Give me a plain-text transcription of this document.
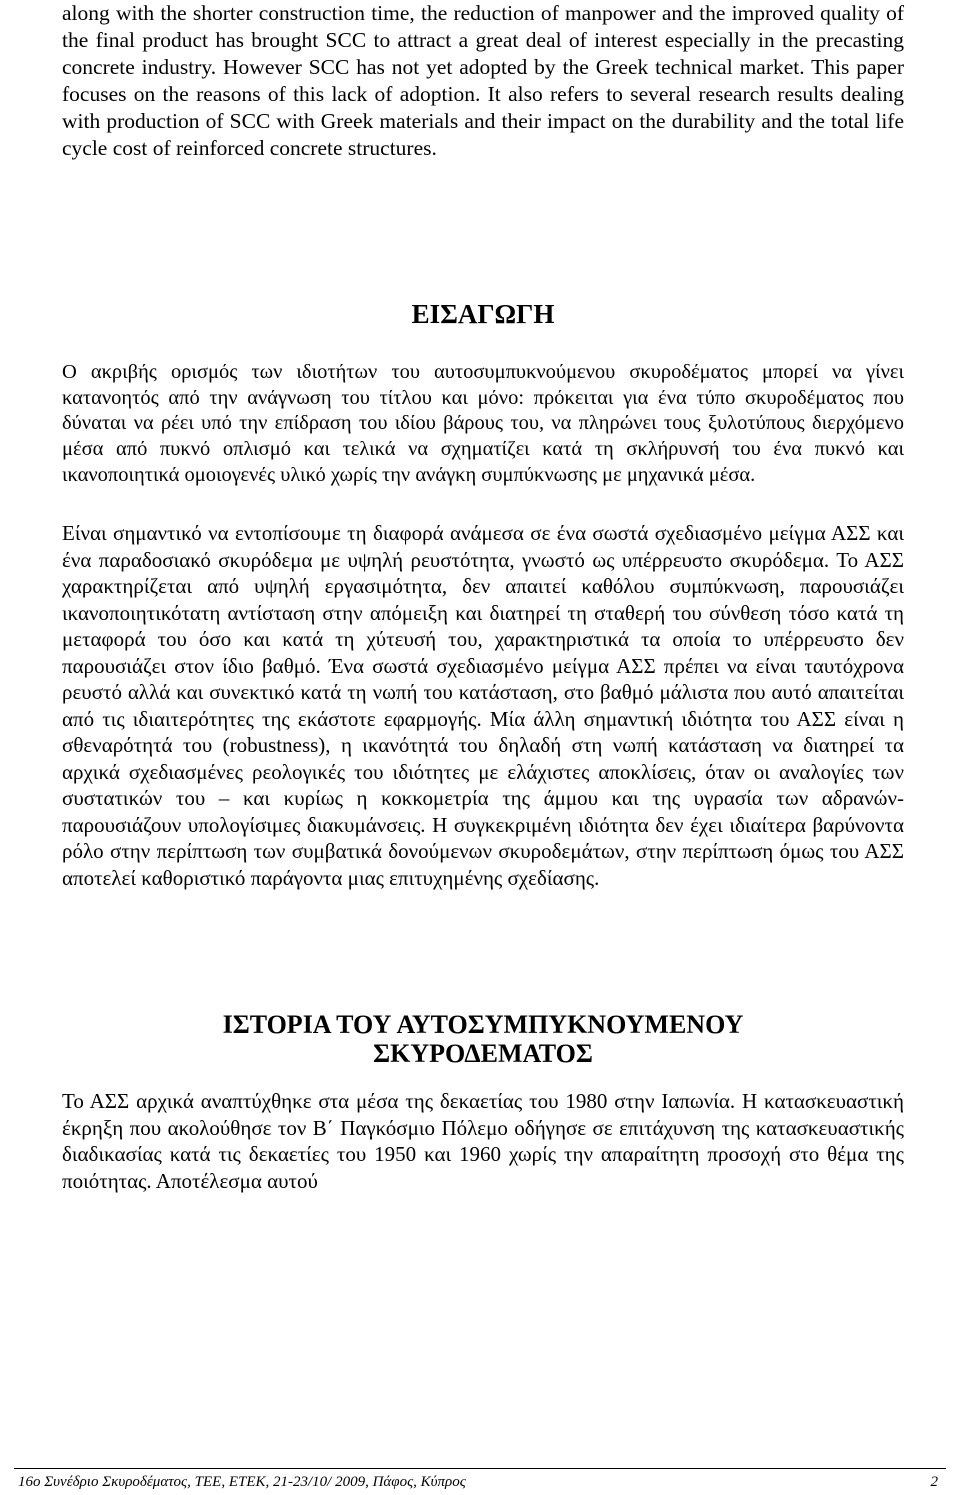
along with the shorter construction time, the reduction of manpower and the improved quality of the final product has brought SCC to attract a great deal of interest especially in the precasting concrete industry. However SCC has not yet adopted by the Greek technical market. This paper focuses on the reasons of this lack of adoption. It also refers to several research results dealing with production of SCC with Greek materials and their impact on the durability and the total life cycle cost of reinforced concrete structures.

ΕΙΣΑΓΩΓΗ

Ο ακριβής ορισμός των ιδιοτήτων του αυτοσυμπυκνούμενου σκυροδέματος μπορεί να γίνει κατανοητός από την ανάγνωση του τίτλου και μόνο: πρόκειται για ένα τύπο σκυροδέματος που δύναται να ρέει υπό την επίδραση του ιδίου βάρους του, να πληρώνει τους ξυλοτύπους διερχόμενο μέσα από πυκνό οπλισμό και τελικά να σχηματίζει κατά τη σκλήρυνσή του ένα πυκνό και ικανοποιητικά ομοιογενές υλικό χωρίς την ανάγκη συμπύκνωσης με μηχανικά μέσα.

Είναι σημαντικό να εντοπίσουμε τη διαφορά ανάμεσα σε ένα σωστά σχεδιασμένο μείγμα ΑΣΣ και ένα παραδοσιακό σκυρόδεμα με υψηλή ρευστότητα, γνωστό ως υπέρρευστο σκυρόδεμα. Το ΑΣΣ χαρακτηρίζεται από υψηλή εργασιμότητα, δεν απαιτεί καθόλου συμπύκνωση, παρουσιάζει ικανοποιητικότατη αντίσταση στην απόμειξη και διατηρεί τη σταθερή του σύνθεση τόσο κατά τη μεταφορά του όσο και κατά τη χύτευσή του, χαρακτηριστικά τα οποία το υπέρρευστο δεν παρουσιάζει στον ίδιο βαθμό. Ένα σωστά σχεδιασμένο μείγμα ΑΣΣ πρέπει να είναι ταυτόχρονα ρευστό αλλά και συνεκτικό κατά τη νωπή του κατάσταση, στο βαθμό μάλιστα που αυτό απαιτείται από τις ιδιαιτερότητες της εκάστοτε εφαρμογής. Μία άλλη σημαντική ιδιότητα του ΑΣΣ είναι η σθεναρότητά του (robustness), η ικανότητά του δηλαδή στη νωπή κατάσταση να διατηρεί τα αρχικά σχεδιασμένες ρεολογικές του ιδιότητες με ελάχιστες αποκλίσεις, όταν οι αναλογίες των συστατικών του – και κυρίως η κοκκομετρία της άμμου και της υγρασία των αδρανών- παρουσιάζουν υπολογίσιμες διακυμάνσεις. Η συγκεκριμένη ιδιότητα δεν έχει ιδιαίτερα βαρύνοντα ρόλο στην περίπτωση των συμβατικά δονούμενων σκυροδεμάτων, στην περίπτωση όμως του ΑΣΣ αποτελεί καθοριστικό παράγοντα μιας επιτυχημένης σχεδίασης.

ΙΣΤΟΡΙΑ ΤΟΥ ΑΥΤΟΣΥΜΠΥΚΝΟΥΜΕΝΟΥ
ΣΚΥΡΟΔΕΜΑΤΟΣ

Το ΑΣΣ αρχικά αναπτύχθηκε στα μέσα της δεκαετίας του 1980 στην Ιαπωνία. Η κατασκευαστική έκρηξη που ακολούθησε τον Β΄ Παγκόσμιο Πόλεμο οδήγησε σε επιτάχυνση της κατασκευαστικής διαδικασίας κατά τις δεκαετίες του 1950 και 1960 χωρίς την απαραίτητη προσοχή στο θέμα της ποιότητας. Αποτέλεσμα αυτού

16ο Συνέδριο Σκυροδέματος, ΤΕΕ, ΕΤΕΚ, 21-23/10/ 2009, Πάφος, Κύπρος	2
